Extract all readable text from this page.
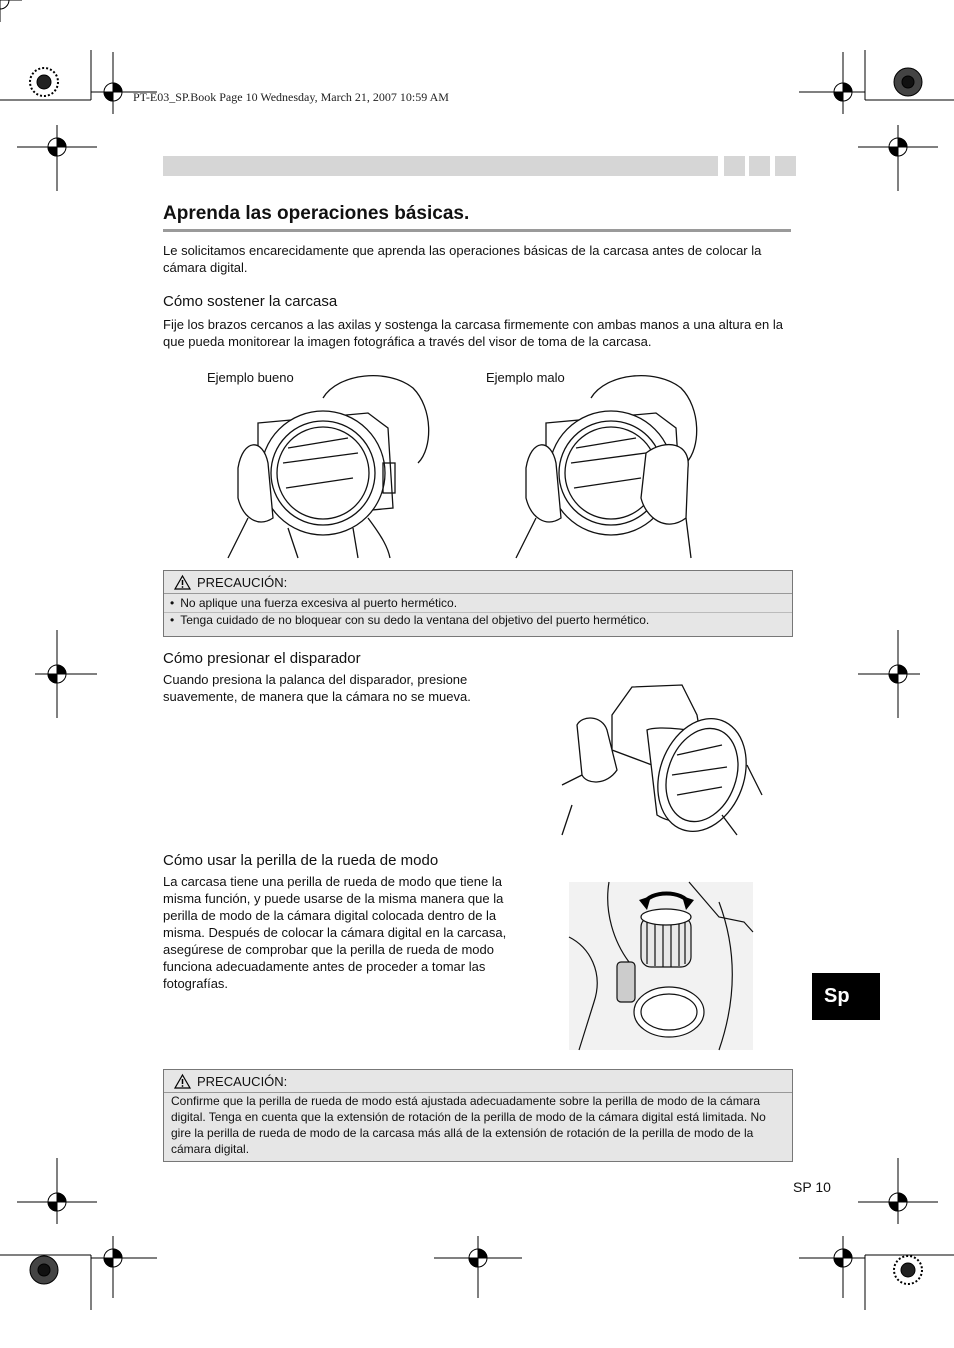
PT-E03_SP.Book Page 10 Wednesday, March 21, 2007 10:59 AM
Aprenda las operaciones básicas.
Le solicitamos encarecidamente que aprenda las operaciones básicas de la carcasa antes de colocar la cámara digital.
Cómo sostener la carcasa
Fije los brazos cercanos a las axilas y sostenga la carcasa firmemente con ambas manos a una altura en la que pueda monitorear la imagen fotográfica a través del visor de toma de la carcasa.
Ejemplo bueno	Ejemplo malo
PRECAUCIÓN:
• No aplique una fuerza excesiva al puerto hermético.
• Tenga cuidado de no bloquear con su dedo la ventana del objetivo del puerto hermético.
Cómo presionar el disparador
Cuando presiona la palanca del disparador, presione suavemente, de manera que la cámara no se mueva.
Cómo usar la perilla de la rueda de modo
La carcasa tiene una perilla de rueda de modo que tiene la misma función, y puede usarse de la misma manera que la perilla de modo de la cámara digital colocada dentro de la misma. Después de colocar la cámara digital en la carcasa, asegúrese de comprobar que la perilla de rueda de modo funciona adecuadamente antes de proceder a tomar las fotografías.
Sp
PRECAUCIÓN:
Confirme que la perilla de rueda de modo está ajustada adecuadamente sobre la perilla de modo de la cámara digital. Tenga en cuenta que la extensión de rotación de la perilla de modo de la cámara digital está limitada. No gire la perilla de rueda de modo de la carcasa más allá de la extensión de rotación de la perilla de modo de la cámara digital.
SP 10
